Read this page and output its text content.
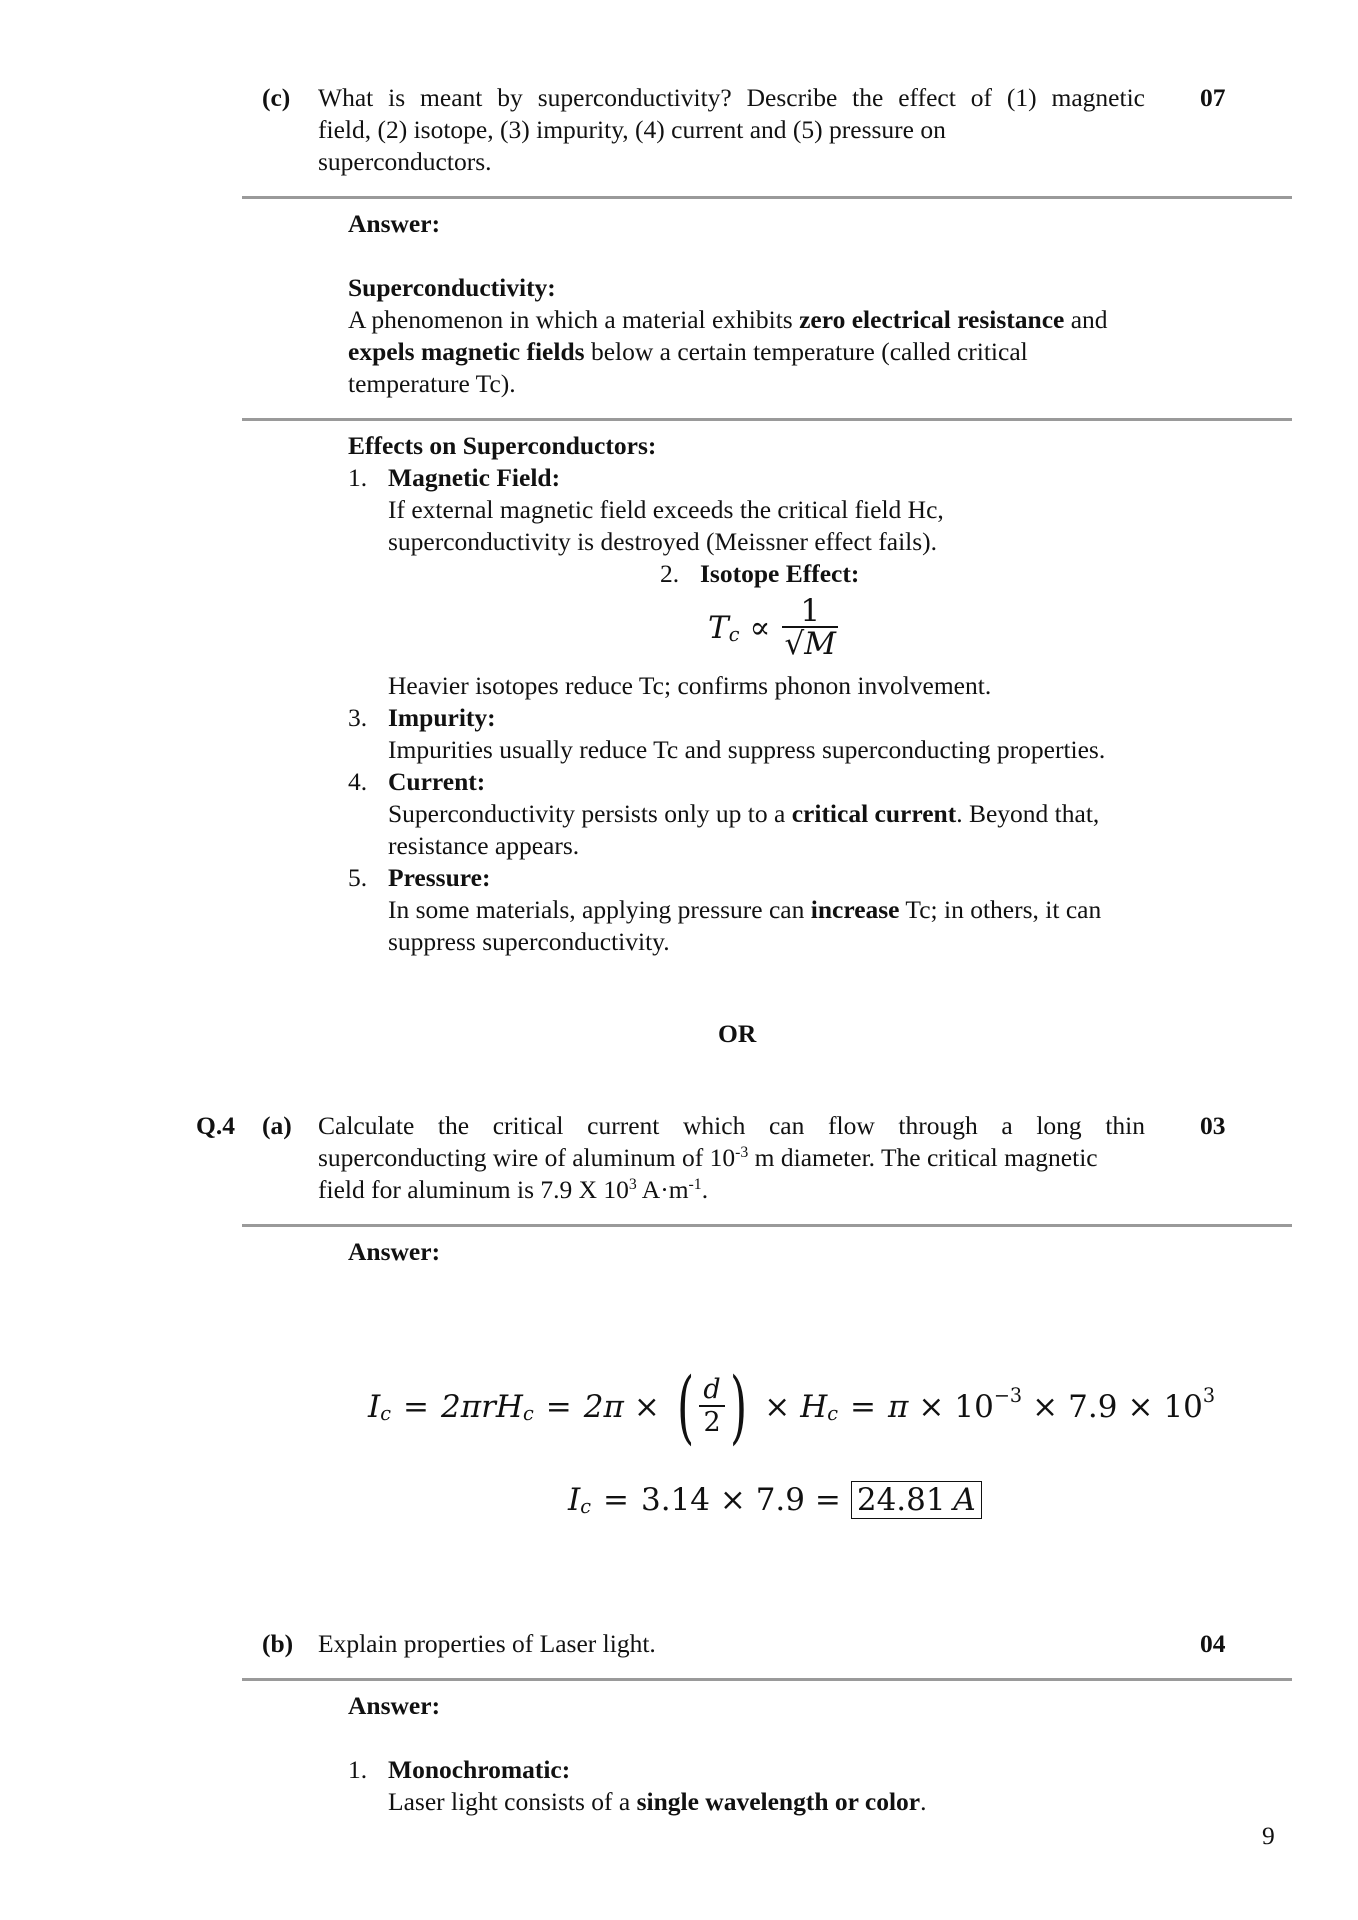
(c) What is meant by superconductivity? Describe the effect of (1) magnetic
field, (2) isotope, (3) impurity, (4) current and (5) pressure on
superconductors.
07
Answer:
Superconductivity:
A phenomenon in which a material exhibits zero electrical resistance and
expels magnetic fields below a certain temperature (called critical
temperature Tc).
Effects on Superconductors:
1. Magnetic Field:
If external magnetic field exceeds the critical field Hc,
superconductivity is destroyed (Meissner effect fails).
2. Isotope Effect:
$T_c \propto \frac{1}{√M}$
Heavier isotopes reduce Tc; confirms phonon involvement.
3. Impurity:
Impurities usually reduce Tc and suppress superconducting properties.
4. Current:
Superconductivity persists only up to a critical current. Beyond that,
resistance appears.
5. Pressure:
In some materials, applying pressure can increase Tc; in others, it can
suppress superconductivity.
OR
Q.4 (a) Calculate the critical current which can flow through a long thin
superconducting wire of aluminum of $10^{-3}$ m diameter. The critical magnetic
field for aluminum is 7.9 X $10^3$ $A\cdot m^{-1}$.
03
Answer:
$I_c = 2\pi r$ $H_c = 2\pi$ × ( $\frac{d}{2}$ ) × $H_c = \pi \times 10^{-3} \times 7.9 \times 10^3$
$I_c = 3.14 \times 7.9 = 24.81$ A
(b) Explain properties of Laser light.	04
Answer:
1. Monochromatic:
Laser light consists of a single wavelength or color.
9
